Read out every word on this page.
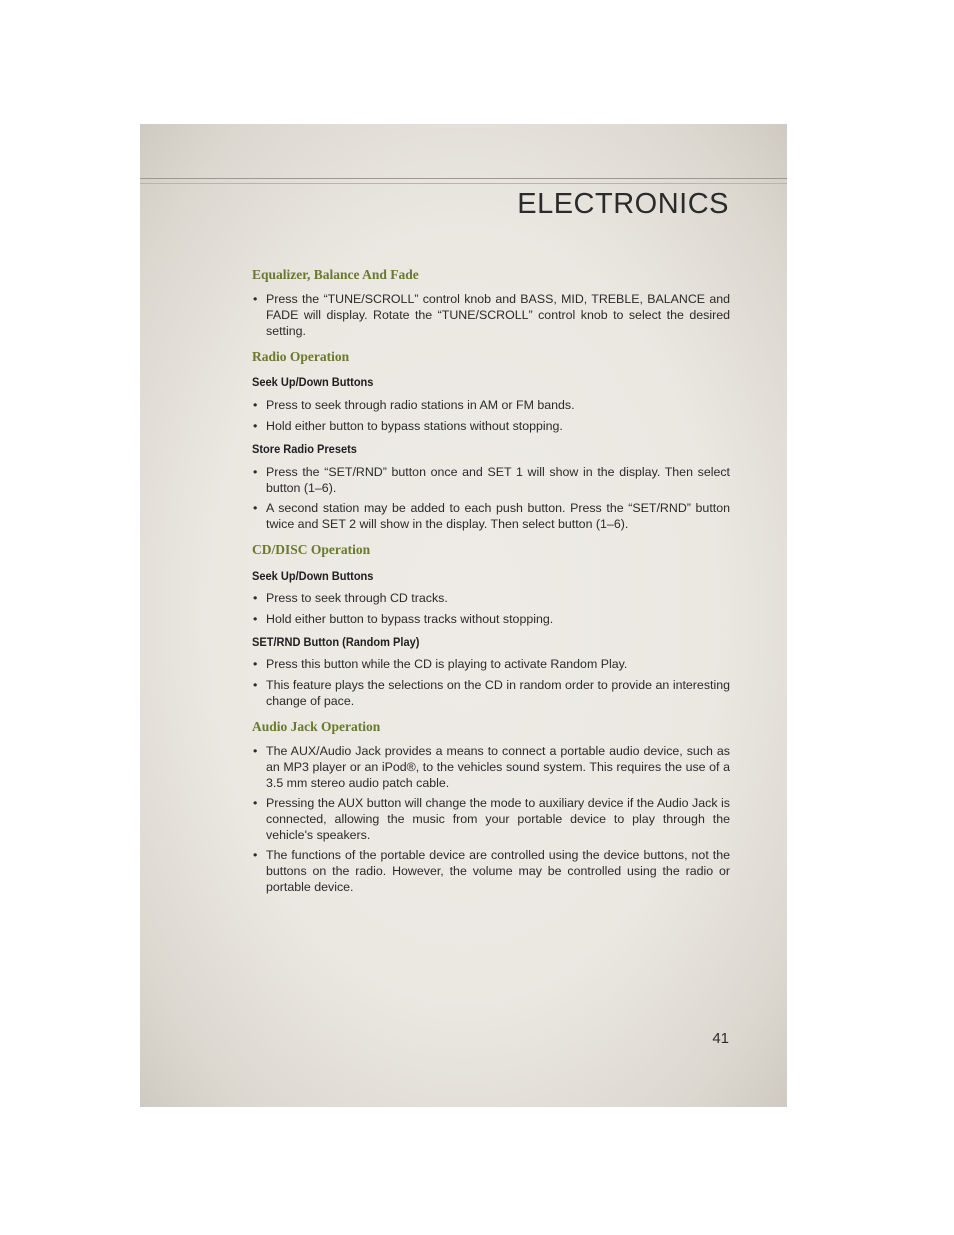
ELECTRONICS
Equalizer, Balance And Fade
• Press the “TUNE/SCROLL” control knob and BASS, MID, TREBLE, BALANCE and FADE will display. Rotate the “TUNE/SCROLL” control knob to select the desired setting.
Radio Operation
Seek Up/Down Buttons
• Press to seek through radio stations in AM or FM bands.
• Hold either button to bypass stations without stopping.
Store Radio Presets
• Press the “SET/RND” button once and SET 1 will show in the display. Then select button (1–6).
• A second station may be added to each push button. Press the “SET/RND” button twice and SET 2 will show in the display. Then select button (1–6).
CD/DISC Operation
Seek Up/Down Buttons
• Press to seek through CD tracks.
• Hold either button to bypass tracks without stopping.
SET/RND Button (Random Play)
• Press this button while the CD is playing to activate Random Play.
• This feature plays the selections on the CD in random order to provide an interesting change of pace.
Audio Jack Operation
• The AUX/Audio Jack provides a means to connect a portable audio device, such as an MP3 player or an iPod®, to the vehicles sound system. This requires the use of a 3.5 mm stereo audio patch cable.
• Pressing the AUX button will change the mode to auxiliary device if the Audio Jack is connected, allowing the music from your portable device to play through the vehicle's speakers.
• The functions of the portable device are controlled using the device buttons, not the buttons on the radio. However, the volume may be controlled using the radio or portable device.
41
